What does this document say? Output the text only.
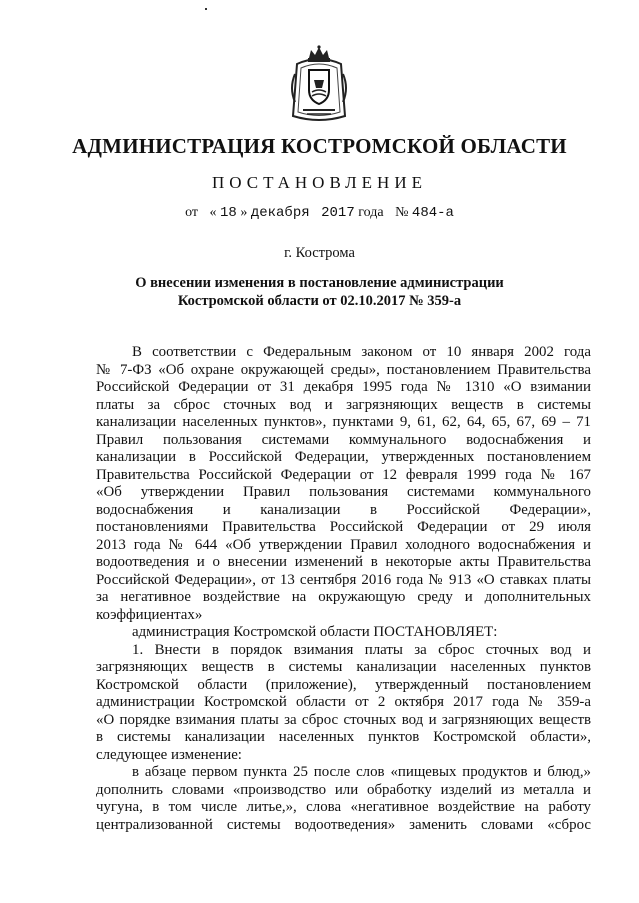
АДМИНИСТРАЦИЯ КОСТРОМСКОЙ ОБЛАСТИ
ПОСТАНОВЛЕНИЕ
от « 18 » декабря 2017 года № 484-а
г. Кострома
О внесении изменения в постановление администрации
Костромской области от 02.10.2017 № 359-а

В соответствии с Федеральным законом от 10 января 2002 года
№ 7-ФЗ «Об охране окружающей среды», постановлением Правительства
Российской Федерации от 31 декабря 1995 года № 1310 «О взимании
платы за сброс сточных вод и загрязняющих веществ в системы
канализации населенных пунктов», пунктами 9, 61, 62, 64, 65, 67, 69 – 71
Правил пользования системами коммунального водоснабжения и
канализации в Российской Федерации, утвержденных постановлением
Правительства Российской Федерации от 12 февраля 1999 года № 167
«Об утверждении Правил пользования системами коммунального
водоснабжения и канализации в Российской Федерации»,
постановлениями Правительства Российской Федерации от 29 июля
2013 года № 644 «Об утверждении Правил холодного водоснабжения и
водоотведения и о внесении изменений в некоторые акты Правительства
Российской Федерации», от 13 сентября 2016 года № 913 «О ставках платы
за негативное воздействие на окружающую среду и дополнительных
коэффициентах»

администрация Костромской области ПОСТАНОВЛЯЕТ:

1. Внести в порядок взимания платы за сброс сточных вод и
загрязняющих веществ в системы канализации населенных пунктов
Костромской области (приложение), утвержденный постановлением
администрации Костромской области от 2 октября 2017 года № 359-а
«О порядке взимания платы за сброс сточных вод и загрязняющих веществ
в системы канализации населенных пунктов Костромской области»,
следующее изменение:

в абзаце первом пункта 25 после слов «пищевых продуктов и блюд,»
дополнить словами «производство или обработку изделий из металла и
чугуна, в том числе литье,», слова «негативное воздействие на работу
централизованной системы водоотведения» заменить словами «сброс
